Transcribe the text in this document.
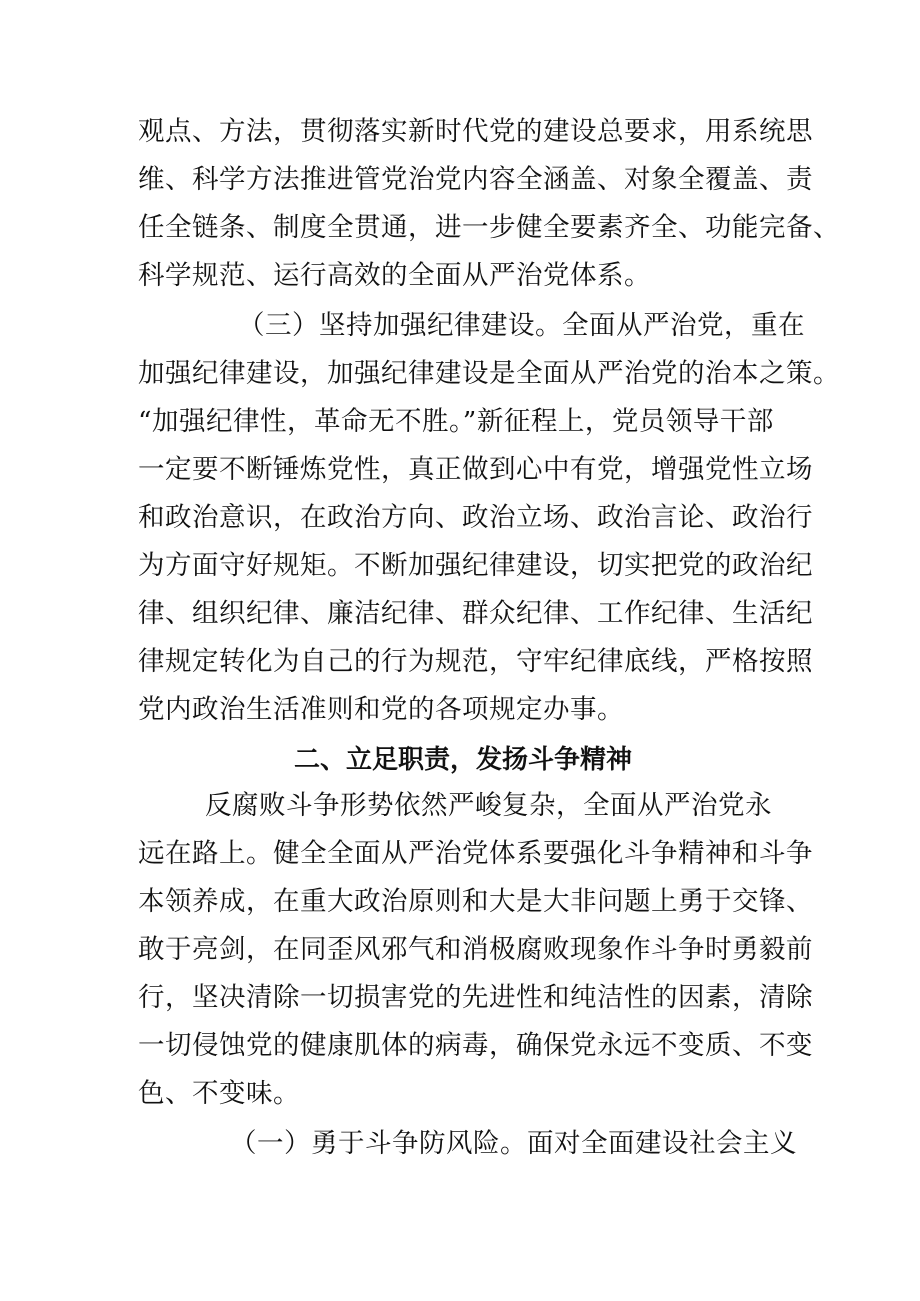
观点、方法，贯彻落实新时代党的建设总要求，用系统思
维、科学方法推进管党治党内容全涵盖、对象全覆盖、责
任全链条、制度全贯通，进一步健全要素齐全、功能完备、
科学规范、运行高效的全面从严治党体系。
（三）坚持加强纪律建设。全面从严治党，重在
加强纪律建设，加强纪律建设是全面从严治党的治本之策。
“加强纪律性，革命无不胜。”新征程上，党员领导干部
一定要不断锤炼党性，真正做到心中有党，增强党性立场
和政治意识，在政治方向、政治立场、政治言论、政治行
为方面守好规矩。不断加强纪律建设，切实把党的政治纪
律、组织纪律、廉洁纪律、群众纪律、工作纪律、生活纪
律规定转化为自己的行为规范，守牢纪律底线，严格按照
党内政治生活准则和党的各项规定办事。
二、立足职责，发扬斗争精神
反腐败斗争形势依然严峻复杂，全面从严治党永
远在路上。健全全面从严治党体系要强化斗争精神和斗争
本领养成，在重大政治原则和大是大非问题上勇于交锋、
敢于亮剑，在同歪风邪气和消极腐败现象作斗争时勇毅前
行，坚决清除一切损害党的先进性和纯洁性的因素，清除
一切侵蚀党的健康肌体的病毒，确保党永远不变质、不变
色、不变味。
（一）勇于斗争防风险。面对全面建设社会主义
